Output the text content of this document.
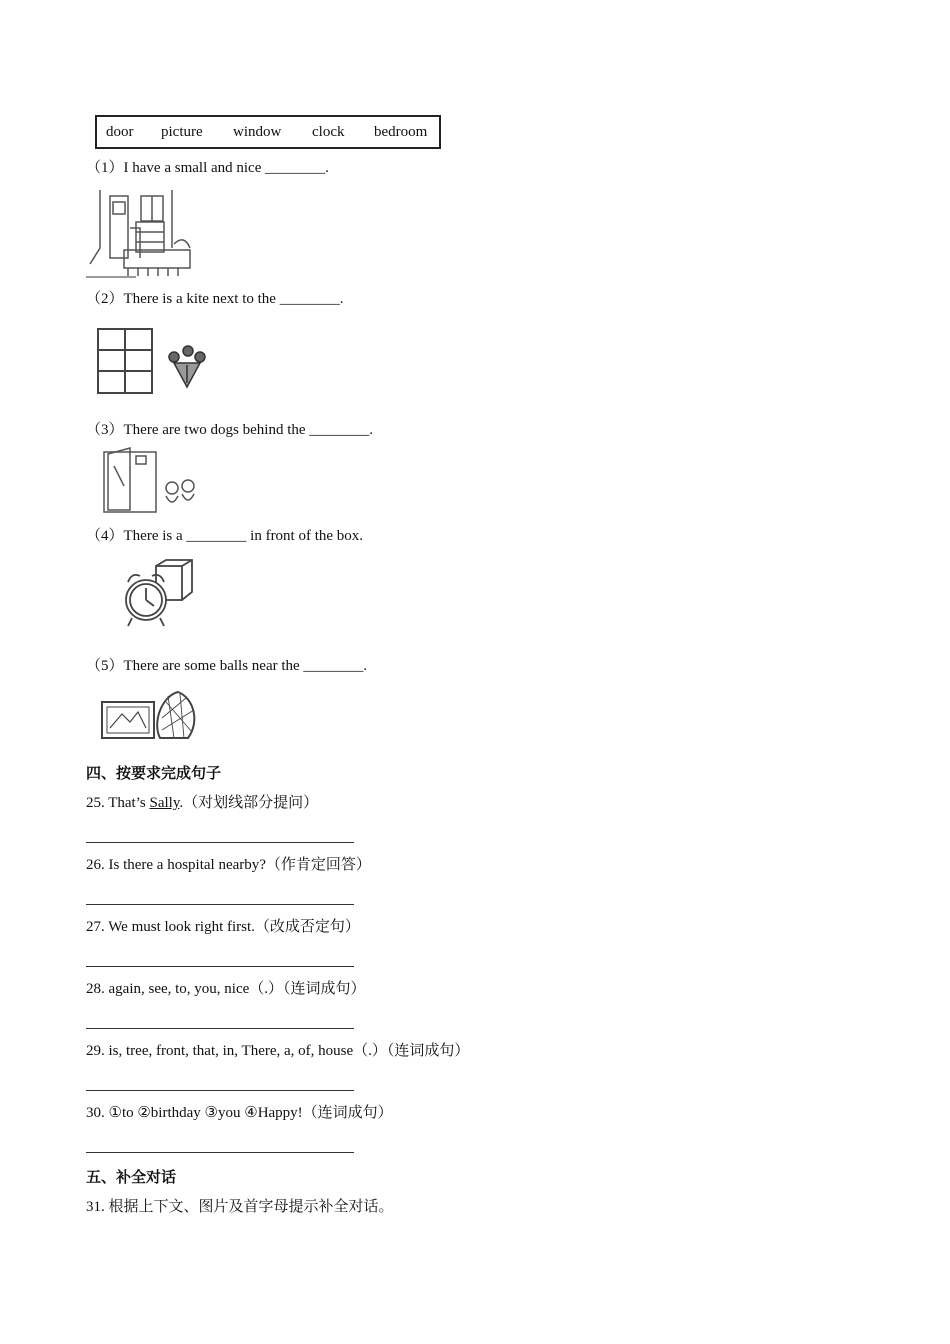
door picture window clock bedroom
（1）I have a small and nice ________.
（2）There is a kite next to the ________.
（3）There are two dogs behind the ________.
（4）There is a ________ in front of the box.
（5）There are some balls near the ________.
四、按要求完成句子
25. That’s Sally.（对划线部分提问）
26. Is there a hospital nearby?（作肯定回答）
27. We must look right first.（改成否定句）
28. again, see, to, you, nice（.）（连词成句）
29. is, tree, front, that, in, There, a, of, house（.）（连词成句）
30. ①to ②birthday ③you ④Happy!（连词成句）
五、补全对话
31. 根据上下文、图片及首字母提示补全对话。
